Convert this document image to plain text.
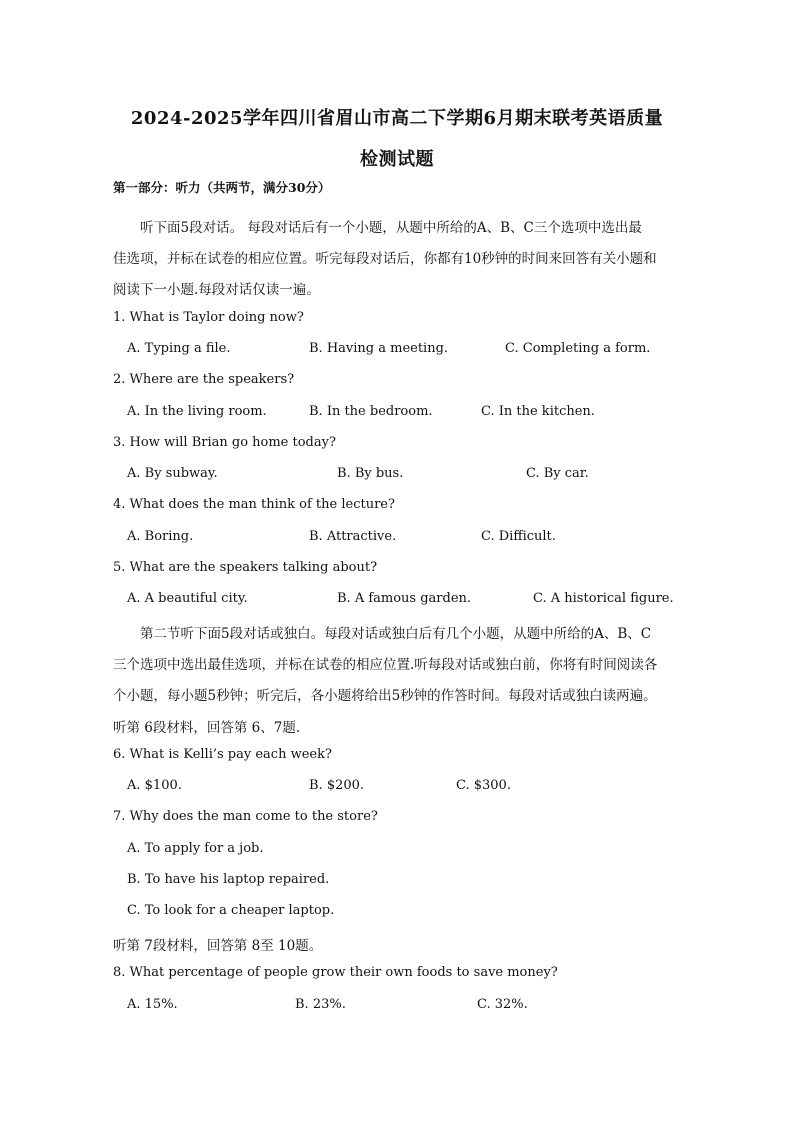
2024-2025学年四川省眉山市高二下学期6月期末联考英语质量
检测试题
第一部分：听力（共两节，满分30分）
听下面5段对话。 每段对话后有一个小题，从题中所给的A、B、C三个选项中选出最
佳选项，并标在试卷的相应位置。听完每段对话后，你都有10秒钟的时间来回答有关小题和
阅读下一小题.每段对话仅读一遍。
1. What is Taylor doing now?
A. Typing a file.	B. Having a meeting.	C. Completing a form.
2. Where are the speakers?
A. In the living room.	B. In the bedroom.	C. In the kitchen.
3. How will Brian go home today?
A. By subway.	B. By bus.	C. By car.
4. What does the man think of the lecture?
A. Boring.	B. Attractive.	C. Difficult.
5. What are the speakers talking about?
A. A beautiful city.	B. A famous garden.	C. A historical figure.
第二节听下面5段对话或独白。每段对话或独白后有几个小题，从题中所给的A、B、C
三个选项中选出最佳选项，并标在试卷的相应位置.听每段对话或独白前，你将有时间阅读各
个小题，每小题5秒钟；听完后，各小题将给出5秒钟的作答时间。每段对话或独白读两遍。
听第 6段材料，回答第 6、7题.
6. What is Kelli’s pay each week?
A. $100.	B. $200.	C. $300.
7. Why does the man come to the store?
A. To apply for a job.
B. To have his laptop repaired.
C. To look for a cheaper laptop.
听第 7段材料，回答第 8至 10题。
8. What percentage of people grow their own foods to save money?
A. 15%.	B. 23%.	C. 32%.
